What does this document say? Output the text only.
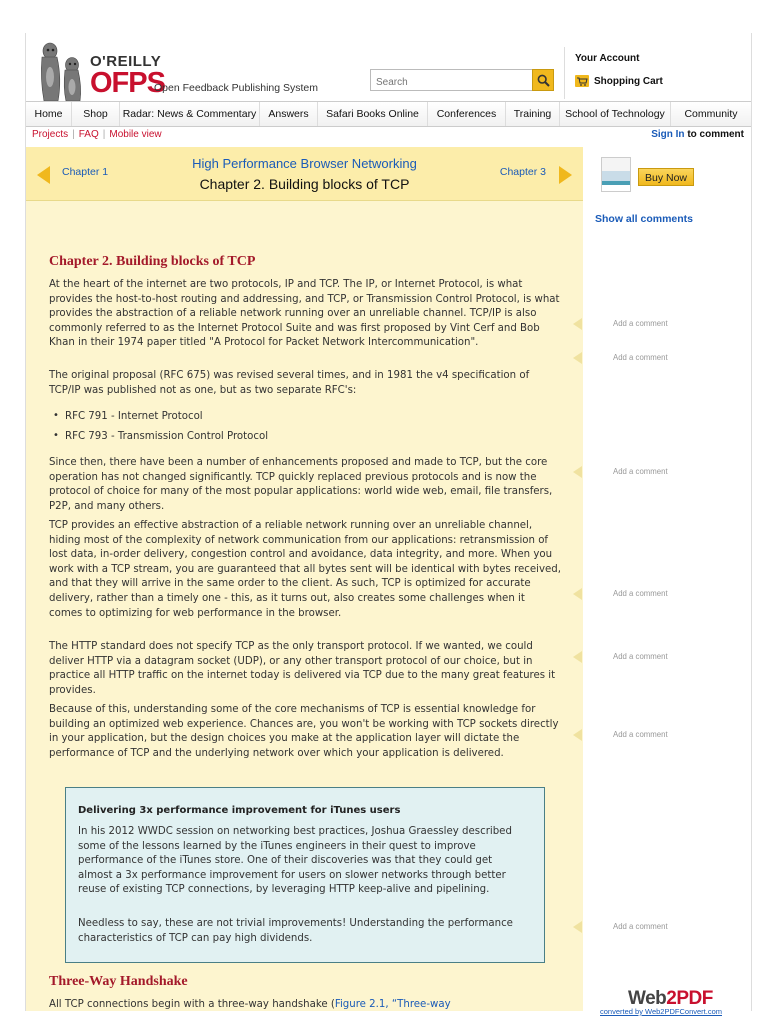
O'REILLY
OFPS
Open Feedback Publishing System
Search
Your Account
Shopping Cart
Home	Shop	Radar: News & Commentary	Answers	Safari Books Online	Conferences	Training	School of Technology	Community
Projects | FAQ | Mobile view	Sign In to comment
Chapter 1
High Performance Browser Networking
Chapter 2. Building blocks of TCP
Chapter 3	Buy Now
Chapter 2. Building blocks of TCP

At the heart of the internet are two protocols, IP and TCP. The IP, or Internet Protocol, is what provides the host-to-host routing and addressing, and TCP, or Transmission Control Protocol, is what provides the abstraction of a reliable network running over an unreliable channel. TCP/IP is also commonly referred to as the Internet Protocol Suite and was first proposed by Vint Cerf and Bob Khan in their 1974 paper titled "A Protocol for Packet Network Intercommunication".

The original proposal (RFC 675) was revised several times, and in 1981 the v4 specification of TCP/IP was published not as one, but as two separate RFC's:

• RFC 791 - Internet Protocol
• RFC 793 - Transmission Control Protocol

Since then, there have been a number of enhancements proposed and made to TCP, but the core operation has not changed significantly. TCP quickly replaced previous protocols and is now the protocol of choice for many of the most popular applications: world wide web, email, file transfers, P2P, and many others.

TCP provides an effective abstraction of a reliable network running over an unreliable channel, hiding most of the complexity of network communication from our applications: retransmission of lost data, in-order delivery, congestion control and avoidance, data integrity, and more. When you work with a TCP stream, you are guaranteed that all bytes sent will be identical with bytes received, and that they will arrive in the same order to the client. As such, TCP is optimized for accurate delivery, rather than a timely one - this, as it turns out, also creates some challenges when it comes to optimizing for web performance in the browser.

The HTTP standard does not specify TCP as the only transport protocol. If we wanted, we could deliver HTTP via a datagram socket (UDP), or any other transport protocol of our choice, but in practice all HTTP traffic on the internet today is delivered via TCP due to the many great features it provides.

Because of this, understanding some of the core mechanisms of TCP is essential knowledge for building an optimized web experience. Chances are, you won't be working with TCP sockets directly in your application, but the design choices you make at the application layer will dictate the performance of TCP and the underlying network over which your application is delivered.

Delivering 3x performance improvement for iTunes users

In his 2012 WWDC session on networking best practices, Joshua Graessley described some of the lessons learned by the iTunes engineers in their quest to improve performance of the iTunes store. One of their discoveries was that they could get almost a 3x performance improvement for users on slower networks through better reuse of existing TCP connections, by leveraging HTTP keep-alive and pipelining.

Needless to say, these are not trivial improvements! Understanding the performance characteristics of TCP can pay high dividends.

Three-Way Handshake

All TCP connections begin with a three-way handshake (Figure 2.1, “Three-way

Show all comments
Add a comment
Add a comment
Add a comment
Add a comment
Add a comment
Add a comment
Add a comment
Web2PDF
converted by Web2PDFConvert.com
